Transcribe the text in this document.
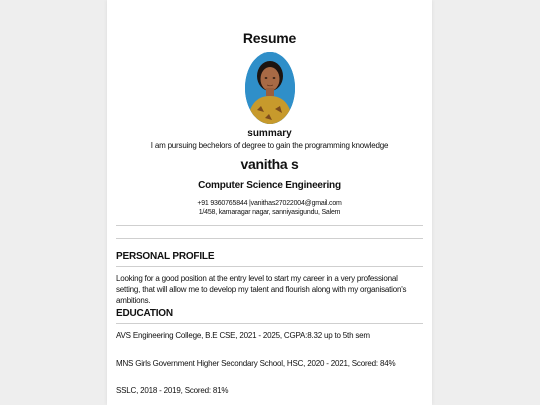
Resume
summary
I am pursuing bechelors of degree to gain the programming knowledge
vanitha s
Computer Science Engineering
+91 9360765844 |vanithas27022004@gmail.com
1/458, kamaragar nagar, sanniyasigundu, Salem
PERSONAL PROFILE
Looking for a good position at the entry level to start my career in a very professional setting, that will allow me to develop my talent and flourish along with my organisation's ambitions.
EDUCATION
AVS Engineering College, B.E CSE, 2021 - 2025, CGPA:8.32 up to 5th sem
MNS Girls Government Higher Secondary School, HSC, 2020 - 2021, Scored: 84%
SSLC, 2018 - 2019, Scored: 81%
